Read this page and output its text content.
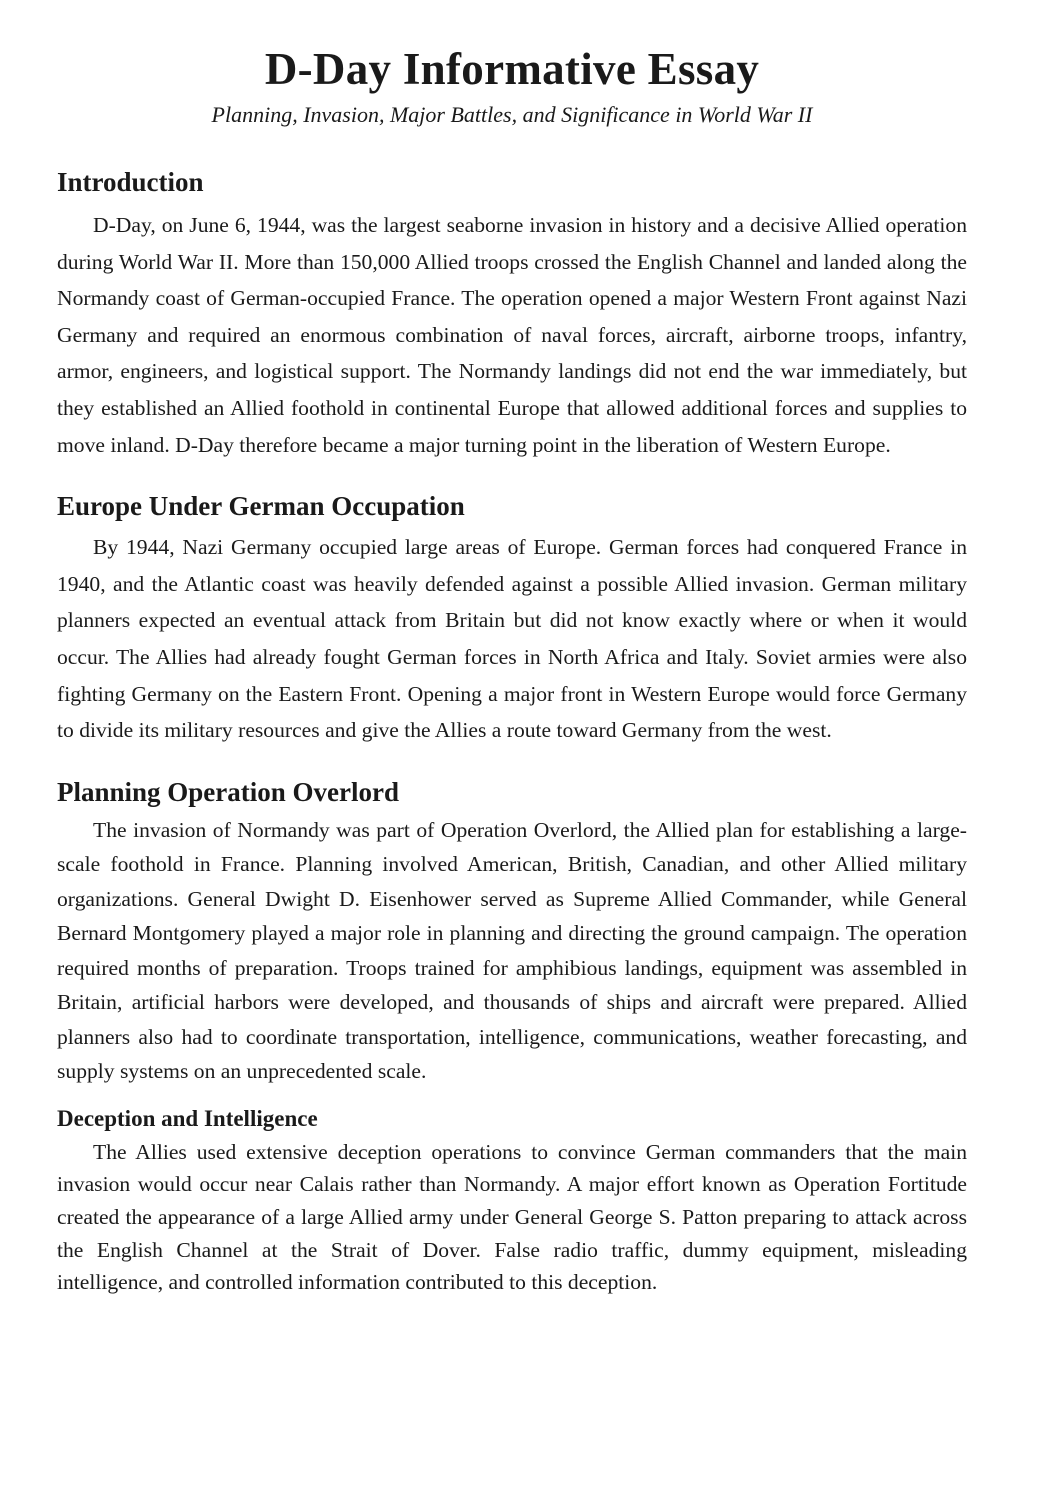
D-Day Informative Essay
Planning, Invasion, Major Battles, and Significance in World War II
Introduction

D-Day, on June 6, 1944, was the largest seaborne invasion in history and a decisive Allied operation during World War II. More than 150,000 Allied troops crossed the English Channel and landed along the Normandy coast of German-occupied France. The operation opened a major Western Front against Nazi Germany and required an enormous combination of naval forces, aircraft, airborne troops, infantry, armor, engineers, and logistical support. The Normandy landings did not end the war immediately, but they established an Allied foothold in continental Europe that allowed additional forces and supplies to move inland. D-Day therefore became a major turning point in the liberation of Western Europe.

Europe Under German Occupation

By 1944, Nazi Germany occupied large areas of Europe. German forces had conquered France in 1940, and the Atlantic coast was heavily defended against a possible Allied invasion. German military planners expected an eventual attack from Britain but did not know exactly where or when it would occur. The Allies had already fought German forces in North Africa and Italy. Soviet armies were also fighting Germany on the Eastern Front. Opening a major front in Western Europe would force Germany to divide its military resources and give the Allies a route toward Germany from the west.

Planning Operation Overlord

The invasion of Normandy was part of Operation Overlord, the Allied plan for establishing a large-scale foothold in France. Planning involved American, British, Canadian, and other Allied military organizations. General Dwight D. Eisenhower served as Supreme Allied Commander, while General Bernard Montgomery played a major role in planning and directing the ground campaign. The operation required months of preparation. Troops trained for amphibious landings, equipment was assembled in Britain, artificial harbors were developed, and thousands of ships and aircraft were prepared. Allied planners also had to coordinate transportation, intelligence, communications, weather forecasting, and supply systems on an unprecedented scale.

Deception and Intelligence

The Allies used extensive deception operations to convince German commanders that the main invasion would occur near Calais rather than Normandy. A major effort known as Operation Fortitude created the appearance of a large Allied army under General George S. Patton preparing to attack across the English Channel at the Strait of Dover. False radio traffic, dummy equipment, misleading intelligence, and controlled information contributed to this deception.
